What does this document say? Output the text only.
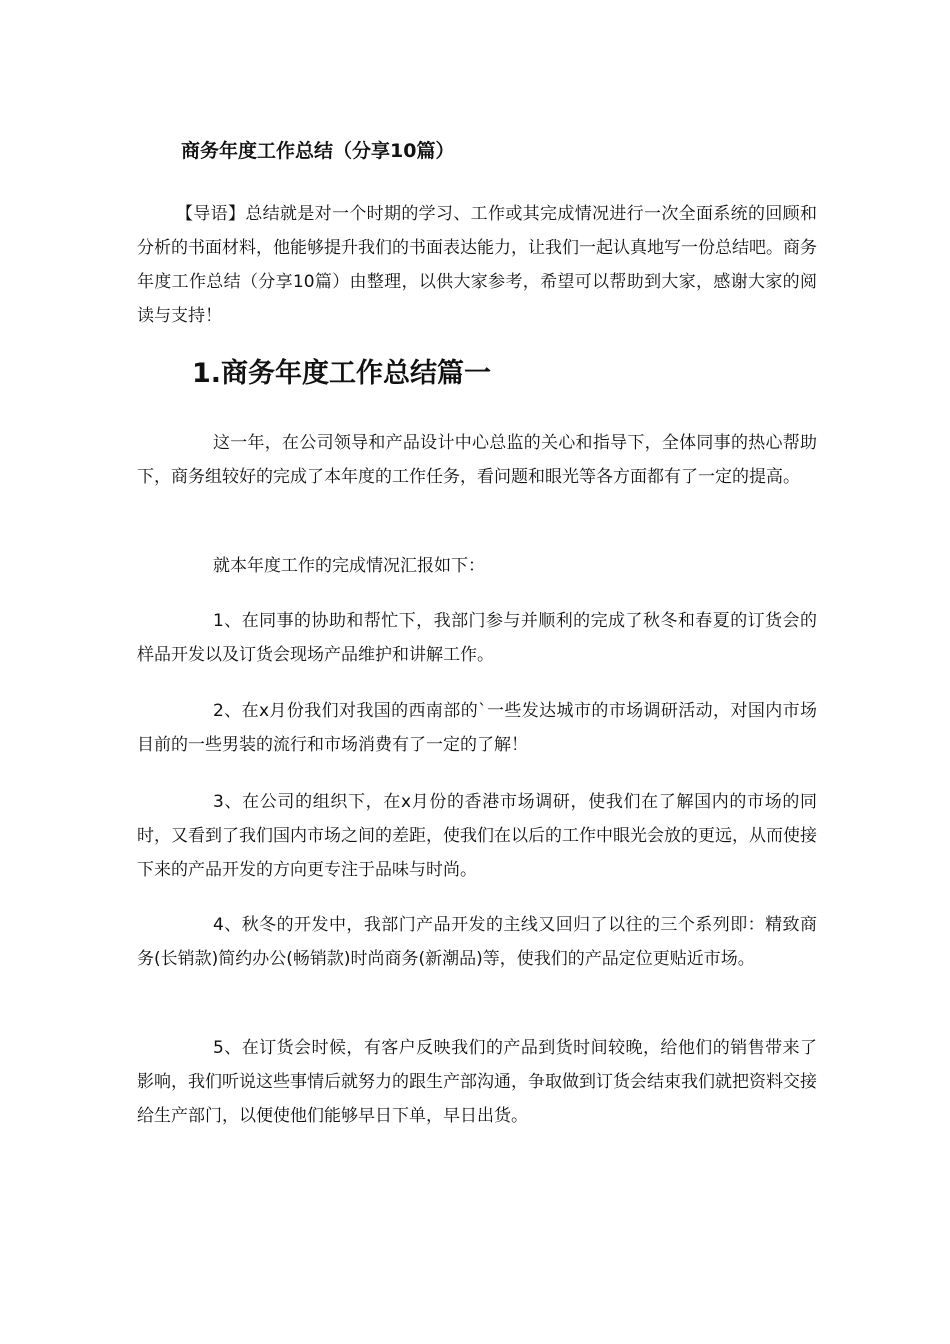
商务年度工作总结（分享10篇）
【导语】总结就是对一个时期的学习、工作或其完成情况进行一次全面系统的回顾和分析的书面材料，他能够提升我们的书面表达能力，让我们一起认真地写一份总结吧。商务年度工作总结（分享10篇）由整理，以供大家参考，希望可以帮助到大家，感谢大家的阅读与支持！
1.商务年度工作总结篇一
这一年，在公司领导和产品设计中心总监的关心和指导下，全体同事的热心帮助下，商务组较好的完成了本年度的工作任务，看问题和眼光等各方面都有了一定的提高。
就本年度工作的完成情况汇报如下：
1、在同事的协助和帮忙下，我部门参与并顺利的完成了秋冬和春夏的订货会的样品开发以及订货会现场产品维护和讲解工作。
2、在x月份我们对我国的西南部的`一些发达城市的市场调研活动，对国内市场目前的一些男装的流行和市场消费有了一定的了解！
3、在公司的组织下，在x月份的香港市场调研，使我们在了解国内的市场的同时，又看到了我们国内市场之间的差距，使我们在以后的工作中眼光会放的更远，从而使接下来的产品开发的方向更专注于品味与时尚。
4、秋冬的开发中，我部门产品开发的主线又回归了以往的三个系列即：精致商务(长销款)简约办公(畅销款)时尚商务(新潮品)等，使我们的产品定位更贴近市场。
5、在订货会时候，有客户反映我们的产品到货时间较晚，给他们的销售带来了影响，我们听说这些事情后就努力的跟生产部沟通，争取做到订货会结束我们就把资料交接给生产部门，以便使他们能够早日下单，早日出货。
